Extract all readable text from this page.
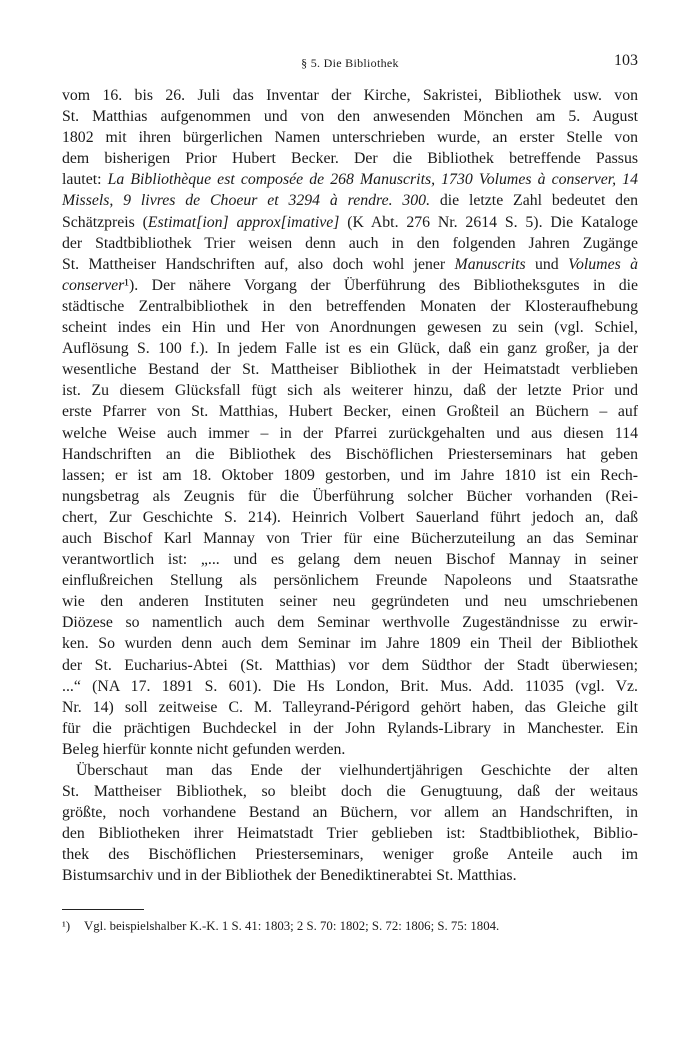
§ 5. Die Bibliothek	103
vom 16. bis 26. Juli das Inventar der Kirche, Sakristei, Bibliothek usw. von
St. Matthias aufgenommen und von den anwesenden Mönchen am 5. August
1802 mit ihren bürgerlichen Namen unterschrieben wurde, an erster Stelle von
dem bisherigen Prior Hubert Becker. Der die Bibliothek betreffende Passus
lautet: La Bibliothèque est composée de 268 Manuscrits, 1730 Volumes à conserver, 14
Missels, 9 livres de Choeur et 3294 à rendre. 300. die letzte Zahl bedeutet den
Schätzpreis (Estimat[ion] approx[imative] (K Abt. 276 Nr. 2614 S. 5). Die Kataloge
der Stadtbibliothek Trier weisen denn auch in den folgenden Jahren Zugänge
St. Mattheiser Handschriften auf, also doch wohl jener Manuscrits und Volumes à
conserver¹). Der nähere Vorgang der Überführung des Bibliotheksgutes in die
städtische Zentralbibliothek in den betreffenden Monaten der Klosteraufhebung
scheint indes ein Hin und Her von Anordnungen gewesen zu sein (vgl. Schiel,
Auflösung S. 100 f.). In jedem Falle ist es ein Glück, daß ein ganz großer, ja der
wesentliche Bestand der St. Mattheiser Bibliothek in der Heimatstadt verblieben
ist. Zu diesem Glücksfall fügt sich als weiterer hinzu, daß der letzte Prior und
erste Pfarrer von St. Matthias, Hubert Becker, einen Großteil an Büchern – auf
welche Weise auch immer – in der Pfarrei zurückgehalten und aus diesen 114
Handschriften an die Bibliothek des Bischöflichen Priesterseminars hat geben
lassen; er ist am 18. Oktober 1809 gestorben, und im Jahre 1810 ist ein Rech-
nungsbetrag als Zeugnis für die Überführung solcher Bücher vorhanden (Rei-
chert, Zur Geschichte S. 214). Heinrich Volbert Sauerland führt jedoch an, daß
auch Bischof Karl Mannay von Trier für eine Bücherzuteilung an das Seminar
verantwortlich ist: „... und es gelang dem neuen Bischof Mannay in seiner
einflußreichen Stellung als persönlichem Freunde Napoleons und Staatsrathe
wie den anderen Instituten seiner neu gegründeten und neu umschriebenen
Diözese so namentlich auch dem Seminar werthvolle Zugeständnisse zu erwir-
ken. So wurden denn auch dem Seminar im Jahre 1809 ein Theil der Bibliothek
der St. Eucharius-Abtei (St. Matthias) vor dem Südthor der Stadt überwiesen;
...“ (NA 17. 1891 S. 601). Die Hs London, Brit. Mus. Add. 11035 (vgl. Vz.
Nr. 14) soll zeitweise C. M. Talleyrand-Périgord gehört haben, das Gleiche gilt
für die prächtigen Buchdeckel in der John Rylands-Library in Manchester. Ein
Beleg hierfür konnte nicht gefunden werden.
Überschaut man das Ende der vielhundertjährigen Geschichte der alten
St. Mattheiser Bibliothek, so bleibt doch die Genugtuung, daß der weitaus
größte, noch vorhandene Bestand an Büchern, vor allem an Handschriften, in
den Bibliotheken ihrer Heimatstadt Trier geblieben ist: Stadtbibliothek, Biblio-
thek des Bischöflichen Priesterseminars, weniger große Anteile auch im
Bistumsarchiv und in der Bibliothek der Benediktinerabtei St. Matthias.
¹) Vgl. beispielshalber K.-K. 1 S. 41: 1803; 2 S. 70: 1802; S. 72: 1806; S. 75: 1804.
